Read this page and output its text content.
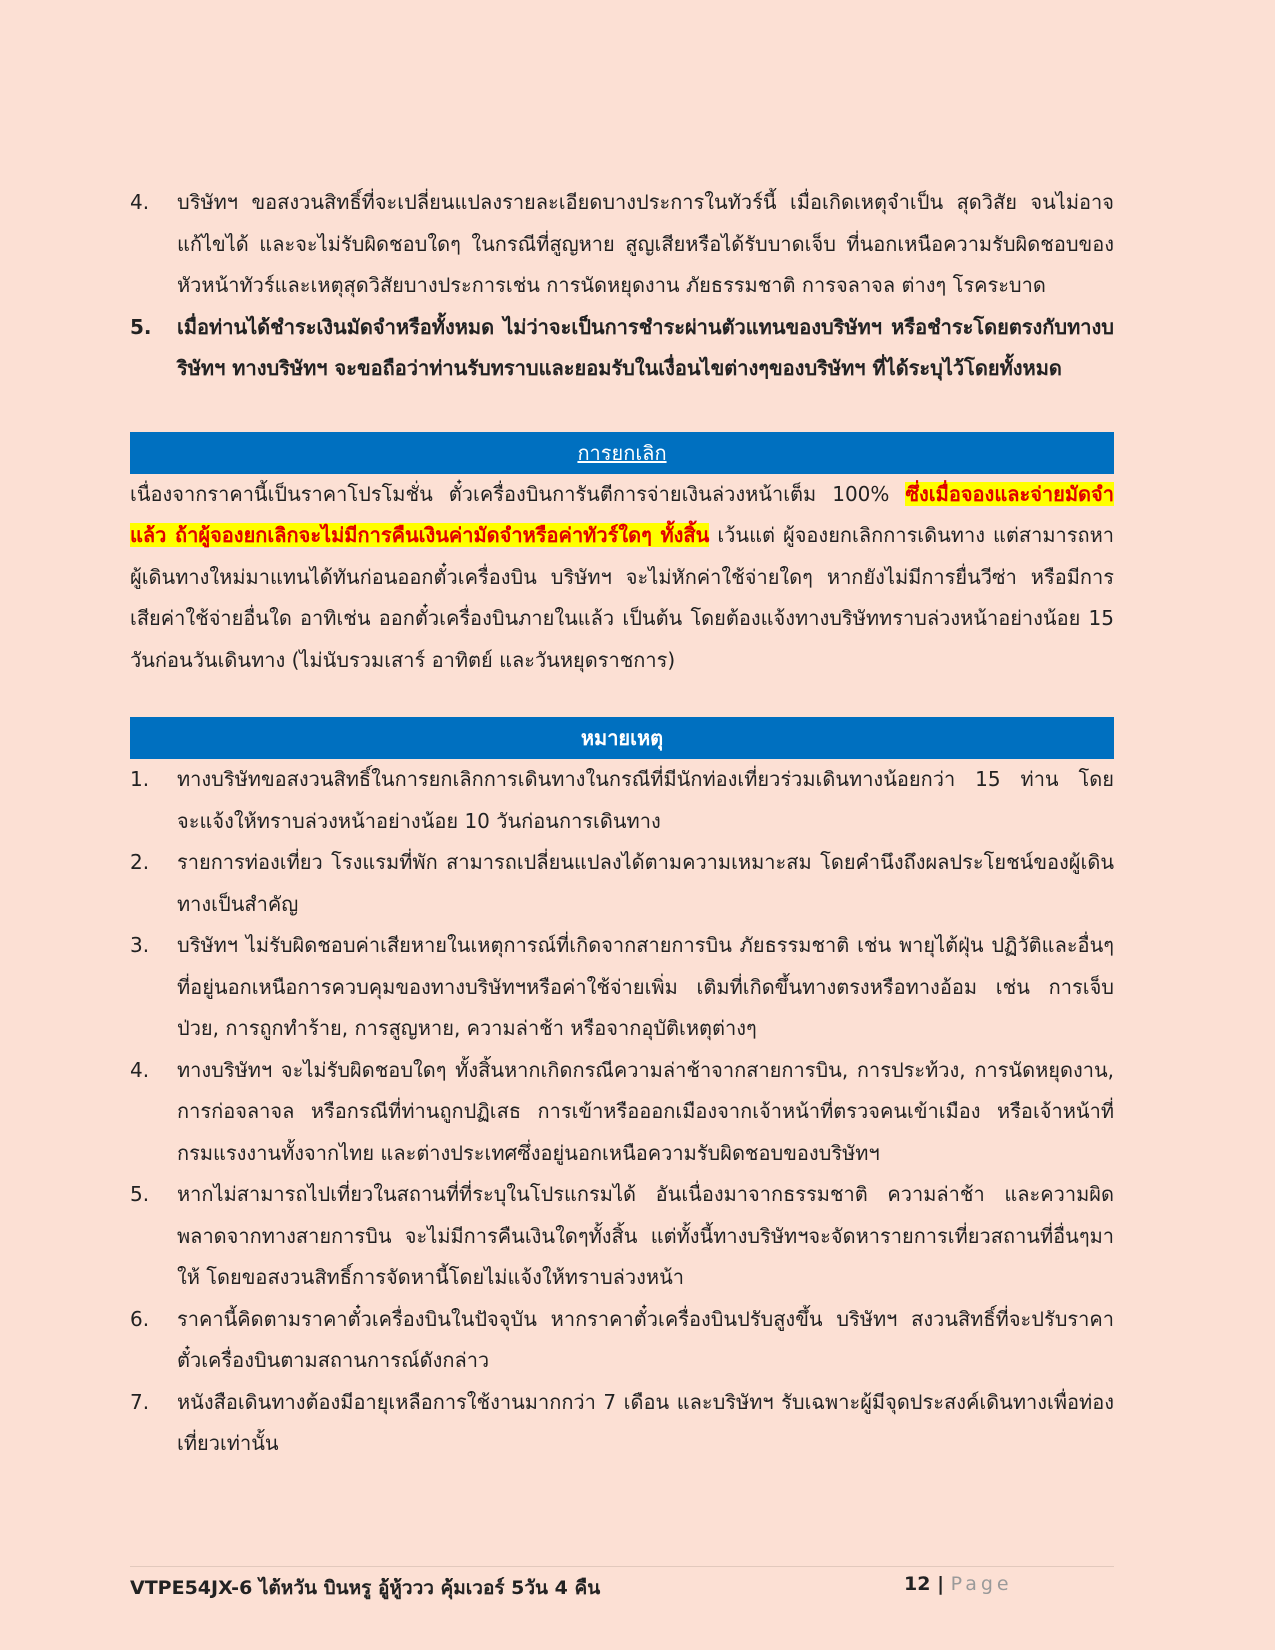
4.	บริษัทฯ ขอสงวนสิทธิ์ที่จะเปลี่ยนแปลงรายละเอียดบางประการในทัวร์นี้ เมื่อเกิดเหตุจำเป็น สุดวิสัย จนไม่อาจแก้ไขได้ และจะไม่รับผิดชอบใดๆ ในกรณีที่สูญหาย สูญเสียหรือได้รับบาดเจ็บ ที่นอกเหนือความรับผิดชอบของหัวหน้าทัวร์และเหตุสุดวิสัยบางประการเช่น การนัดหยุดงาน ภัยธรรมชาติ การจลาจล ต่างๆ โรคระบาด
5.	เมื่อท่านได้ชำระเงินมัดจำหรือทั้งหมด ไม่ว่าจะเป็นการชำระผ่านตัวแทนของบริษัทฯ หรือชำระโดยตรงกับทางบริษัทฯ ทางบริษัทฯ จะขอถือว่าท่านรับทราบและยอมรับในเงื่อนไขต่างๆของบริษัทฯ ที่ได้ระบุไว้โดยทั้งหมด
การยกเลิก
เนื่องจากราคานี้เป็นราคาโปรโมชั่น ตั๋วเครื่องบินการันตีการจ่ายเงินล่วงหน้าเต็ม 100% ซึ่งเมื่อจองและจ่ายมัดจำแล้ว ถ้าผู้จองยกเลิกจะไม่มีการคืนเงินค่ามัดจำหรือค่าทัวร์ใดๆ ทั้งสิ้น เว้นแต่ ผู้จองยกเลิกการเดินทาง แต่สามารถหาผู้เดินทางใหม่มาแทนได้ทันก่อนออกตั๋วเครื่องบิน บริษัทฯ จะไม่หักค่าใช้จ่ายใดๆ หากยังไม่มีการยื่นวีซ่า หรือมีการเสียค่าใช้จ่ายอื่นใด อาทิเช่น ออกตั๋วเครื่องบินภายในแล้ว เป็นต้น โดยต้องแจ้งทางบริษัททราบล่วงหน้าอย่างน้อย 15 วันก่อนวันเดินทาง (ไม่นับรวมเสาร์ อาทิตย์ และวันหยุดราชการ)
หมายเหตุ
1.	ทางบริษัทขอสงวนสิทธิ์ในการยกเลิกการเดินทางในกรณีที่มีนักท่องเที่ยวร่วมเดินทางน้อยกว่า 15 ท่าน โดยจะแจ้งให้ทราบล่วงหน้าอย่างน้อย 10 วันก่อนการเดินทาง
2.	รายการท่องเที่ยว โรงแรมที่พัก สามารถเปลี่ยนแปลงได้ตามความเหมาะสม โดยคำนึงถึงผลประโยชน์ของผู้เดินทางเป็นสำคัญ
3.	บริษัทฯ ไม่รับผิดชอบค่าเสียหายในเหตุการณ์ที่เกิดจากสายการบิน ภัยธรรมชาติ เช่น พายุไต้ฝุ่น ปฏิวัติและอื่นๆที่อยู่นอกเหนือการควบคุมของทางบริษัทฯหรือค่าใช้จ่ายเพิ่ม เติมที่เกิดขึ้นทางตรงหรือทางอ้อม เช่น การเจ็บป่วย, การถูกทำร้าย, การสูญหาย, ความล่าช้า หรือจากอุบัติเหตุต่างๆ
4.	ทางบริษัทฯ จะไม่รับผิดชอบใดๆ ทั้งสิ้นหากเกิดกรณีความล่าช้าจากสายการบิน, การประท้วง, การนัดหยุดงาน, การก่อจลาจล หรือกรณีที่ท่านถูกปฏิเสธ การเข้าหรือออกเมืองจากเจ้าหน้าที่ตรวจคนเข้าเมือง หรือเจ้าหน้าที่กรมแรงงานทั้งจากไทย และต่างประเทศซึ่งอยู่นอกเหนือความรับผิดชอบของบริษัทฯ
5.	หากไม่สามารถไปเที่ยวในสถานที่ที่ระบุในโปรแกรมได้ อันเนื่องมาจากธรรมชาติ ความล่าช้า และความผิดพลาดจากทางสายการบิน จะไม่มีการคืนเงินใดๆทั้งสิ้น แต่ทั้งนี้ทางบริษัทฯจะจัดหารายการเที่ยวสถานที่อื่นๆมาให้ โดยขอสงวนสิทธิ์การจัดหานี้โดยไม่แจ้งให้ทราบล่วงหน้า
6.	ราคานี้คิดตามราคาตั๋วเครื่องบินในปัจจุบัน หากราคาตั๋วเครื่องบินปรับสูงขึ้น บริษัทฯ สงวนสิทธิ์ที่จะปรับราคาตั๋วเครื่องบินตามสถานการณ์ดังกล่าว
7.	หนังสือเดินทางต้องมีอายุเหลือการใช้งานมากกว่า 7 เดือน และบริษัทฯ รับเฉพาะผู้มีจุดประสงค์เดินทางเพื่อท่องเที่ยวเท่านั้น
VTPE54JX-6 ไต้หวัน บินหรู อู้หู้ววว คุ้มเวอร์ 5วัน 4 คืน	12 | Page
